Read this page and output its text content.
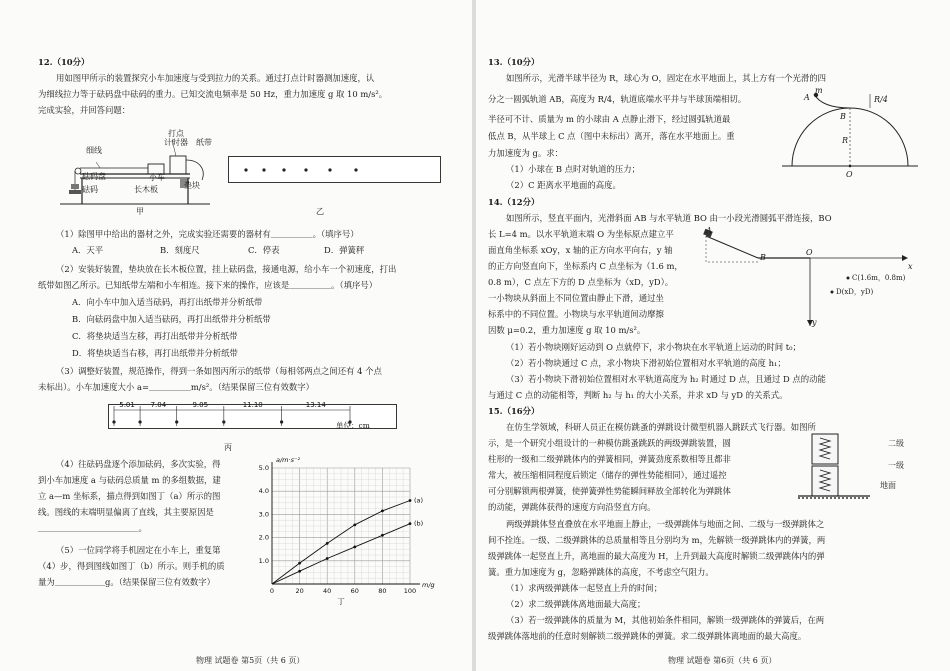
12.（10分）
用如图甲所示的装置探究小车加速度与受到拉力的关系。通过打点计时器测加速度，认
为细线拉力等于砝码盘中砝码的重力。已知交流电频率是 50 Hz，重力加速度 g 取 10 m/s²。
完成实验，并回答问题：
打点
计时器 纸带
细线
小车
长木板	垫块
砝码盘
砝码
甲	乙
（1）除图甲中给出的器材之外，完成实验还需要的器材有＿＿＿＿＿。（填序号）
A．天平	B．刻度尺	C．停表	D．弹簧秤
（2）安装好装置，垫块放在长木板位置，挂上砝码盘，接通电源，给小车一个初速度，打出
纸带如图乙所示。已知纸带左端和小车相连。接下来的操作，应该是＿＿＿＿＿。（填序号）
A．向小车中加入适当砝码，再打出纸带并分析纸带
B．向砝码盘中加入适当砝码，再打出纸带并分析纸带
C．将垫块适当左移，再打出纸带并分析纸带
D．将垫块适当右移，再打出纸带并分析纸带
（3）调整好装置，规范操作，得到一条如图丙所示的纸带（每相邻两点之间还有 4 个点
未标出）。小车加速度大小 a=＿＿＿＿＿m/s²。（结果保留三位有效数字）
5.01 7.04	9.05	11.10	13.14
单位：cm
丙
（4）往砝码盘逐个添加砝码，多次实验，得
到小车加速度 a 与砝码总质量 m 的多组数据，建
立 a—m 坐标系，描点得到如图丁（a）所示的图
线。图线的末端明显偏离了直线，其主要原因是
＿＿＿＿＿＿＿＿＿＿＿＿。
（5）一位同学将手机固定在小车上，重复第
（4）步，得到图线如图丁（b）所示。则手机的质
量为＿＿＿＿＿＿g。（结果保留三位有效数字）
0	20	40	60	80	100
1.0
2.0
3.0
4.0
5.0
m/g
a/m·s⁻²
(a)
(b)
丁
物理 试题卷 第5页（共 6 页）
13.（10分）
如图所示，光滑半球半径为 R，球心为 O，固定在水平地面上，其上方有一个光滑的四
分之一圆弧轨道 AB，高度为 R/4，轨道底端水平并与半球顶端相切。
半径可不计、质量为 m 的小球由 A 点静止滑下，经过圆弧轨道最
低点 B，从半球上 C 点（图中未标出）离开，落在水平地面上。重
力加速度为 g。求：
（1）小球在 B 点时对轨道的压力；
（2）C 距离水平地面的高度。
m
A
B
R/4
R
O
14.（12分）
如图所示，竖直平面内，光滑斜面 AB 与水平轨道 BO 由一小段光滑圆弧平滑连接，BO
长 L=4 m。以水平轨道末端 O 为坐标原点建立平
面直角坐标系 xOy，x 轴的正方向水平向右，y 轴
的正方向竖直向下，坐标系内 C 点坐标为（1.6 m，
0.8 m），C 点左下方的 D 点坐标为（xD，yD）。
一小物块从斜面上不同位置由静止下滑，通过坐
标系中的不同位置。小物块与水平轨道间动摩擦
因数 μ=0.2，重力加速度 g 取 10 m/s²。
（1）若小物块刚好运动到 O 点就停下，求小物块在水平轨道上运动的时间 t₀；
（2）若小物块通过 C 点，求小物块下滑初始位置相对水平轨道的高度 h₁；
（3）若小物块下滑初始位置相对水平轨道高度为 h₂ 时通过 D 点，且通过 D 点的动能
与通过 C 点的动能相等，判断 h₂ 与 h₁ 的大小关系，并求 xD 与 yD 的关系式。
B
A
O
x
y
C(1.6m，0.8m)
D(xD，yD)
15.（16分）
在仿生学领域，科研人员正在模仿跳蚤的弹跳设计微型机器人跳跃式飞行器。如图所
示，是一个研究小组设计的一种模仿跳蚤跳跃的两级弹跳装置，圆
柱形的一级和二级弹跳体内的弹簧相同，弹簧劲度系数相等且都非
常大，被压缩相同程度后锁定（储存的弹性势能相同），通过遥控
可分别解锁两根弹簧，使弹簧弹性势能瞬间释放全部转化为弹跳体
的动能，弹跳体获得的速度方向沿竖直方向。
两级弹跳体竖直叠放在水平地面上静止，一级弹跳体与地面之间、二级与一级弹跳体之
间不拴连。一级、二级弹跳体的总质量相等且分别均为 m，先解锁一级弹跳体内的弹簧，两
级弹跳体一起竖直上升，离地面的最大高度为 H，上升到最大高度时解锁二级弹跳体内的弹
簧。重力加速度为 g，忽略弹跳体的高度，不考虑空气阻力。
（1）求两级弹跳体一起竖直上升的时间；
（2）求二级弹跳体离地面最大高度；
（3）若一级弹跳体的质量为 M，其他初始条件相同，解锁一级弹跳体的弹簧后，在两
级弹跳体落地前的任意时刻解锁二级弹跳体的弹簧。求二级弹跳体离地面的最大高度。
二级
一级
地面
物理 试题卷 第6页（共 6 页）
